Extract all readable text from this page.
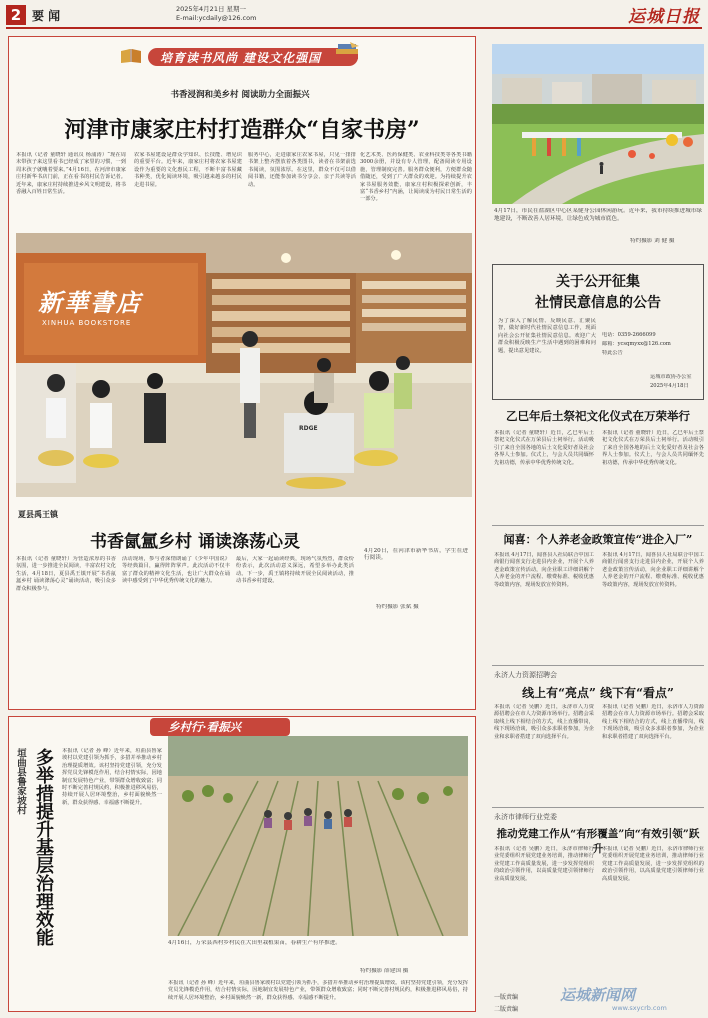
2 要 闻	2025年4月21日 星期一
E-mail:ycdaily@126.com	运城日报
培育读书风尚 建设文化强国
书香浸润和美乡村 阅读助力全面振兴
河津市康家庄村打造群众“自家书房”
本报讯（记者 童晓轩 通讯员 杨浦涛）“现在周末带孩子来这里看书已经成了家里的习惯，一到周末孩子就嚷着要来。”4月16日，在河津市康家庄村新华书店门前，正在看书的村民告诉记者。近年来，康家庄村持续推进乡风文明建设，将书香融入百姓日常生活。
农家书屋建设是群众学知识、长技能、增见识的重要平台。近年来，康家庄村将农家书屋建设作为重要的文化惠民工程，不断丰富书屋藏书种类，优化阅读环境，吸引越来越多的村民走进书屋。
服务中心，走进康家庄农家书屋，只见一排排书架上整齐摆放着各类图书，读者在书架前选书阅读，氛围浓厚。在这里，群众不仅可以借阅书籍，还能参加读书分享会、亲子共读等活动。
化艺术类、医药保健类、农业科技类等各类书籍3000余册，并设有专人管理，配备阅读专用设施，管理制度完善。服务群众便利，方便群众随借随还，受到了广大群众的欢迎。为持续提升农家书屋服务效能，康家庄村积极探索创新，丰富“书香乡村”内涵，让阅读成为村民日常生活的一部分。
新華書店
XINHUA BOOKSTORE
RDGE
夏县禹王镇
书香氤氲乡村 诵读涤荡心灵
本报讯（记者 童晓轩）为营造浓厚的书香氛围，进一步推进全民阅读，丰富农村文化生活，4月18日，夏县禹王镇开展“书香氤氲乡村 诵读涤荡心灵”诵读活动，吸引众多群众积极参与。
活动现场，参与者深情朗诵了《少年中国说》等经典篇目，赢得阵阵掌声。此次活动不仅丰富了群众的精神文化生活，也让广大群众在诵读中感受到了中华优秀传统文化的魅力。
最后，大家一起诵读经典，现场气氛热烈，群众纷纷表示，此次活动意义深远，希望多举办此类活动。下一步，禹王镇将持续开展全民阅读活动，推动书香乡村建设。
4月20日，在河津市新华书店，学生在进行阅读。
特约摄影 张斌 摄
4月17日，市民在盐湖区中心区某健身公园休闲游玩。近年来，我市持续推进城市绿地建设，不断改善人居环境，让绿色成为城市底色。
特约摄影 刘 健 摄
关于公开征集
社情民意信息的公告
为了深入了解民情、反映民意、汇聚民智，做好新时代社情民意信息工作，现面向社会公开征集社情民意信息。欢迎广大群众积极反映生产生活中遇到的困难和问题，提出意见建议。
电话：0359-2666099
邮箱：ycsqmyxx@126.com
特此公告
运城市政协办公室
2025年4月18日
乙巳年后土祭祀文化仪式在万荣举行
本报讯（记者 童晓轩）近日，乙巳年后土祭祀文化仪式在万荣县后土祠举行。活动吸引了来自全国各地的后土文化爱好者及社会各界人士参加。仪式上，与会人员共同缅怀先祖功德，传承中华优秀传统文化。
本报讯（记者 童晓轩）近日，乙巳年后土祭祀文化仪式在万荣县后土祠举行。活动吸引了来自全国各地的后土文化爱好者及社会各界人士参加。仪式上，与会人员共同缅怀先祖功德，传承中华优秀传统文化。
闻喜：个人养老金政策宣传“进企入厂”
本报讯 4月17日，闻喜县人社局联合中国工商银行闻喜支行走进县内企业，开展个人养老金政策宣传活动，向企业职工详细讲解个人养老金的开户流程、缴费标准、税收优惠等政策内容，现场发放宣传资料。
本报讯 4月17日，闻喜县人社局联合中国工商银行闻喜支行走进县内企业，开展个人养老金政策宣传活动，向企业职工详细讲解个人养老金的开户流程、缴费标准、税收优惠等政策内容，现场发放宣传资料。
永济人力资源招聘会
线上有“亮点” 线下有“看点”
本报讯（记者 吴鹏）近日，永济市人力资源招聘会在市人力资源市场举行。招聘会采取线上线下相结合的方式，线上直播带岗，线下现场洽谈，吸引众多求职者参加，为企业和求职者搭建了双向选择平台。
本报讯（记者 吴鹏）近日，永济市人力资源招聘会在市人力资源市场举行。招聘会采取线上线下相结合的方式，线上直播带岗，线下现场洽谈，吸引众多求职者参加，为企业和求职者搭建了双向选择平台。
永济市律师行业党委
推动党建工作从“有形覆盖”向“有效引领”跃升
本报讯（记者 吴鹏）近日，永济市律师行业党委组织开展党建业务培训，推动律师行业党建工作高质量发展，进一步发挥党组织的政治引领作用，以高质量党建引领律师行业高质量发展。
本报讯（记者 吴鹏）近日，永济市律师行业党委组织开展党建业务培训，推动律师行业党建工作高质量发展，进一步发挥党组织的政治引领作用，以高质量党建引领律师行业高质量发展。
乡村行·看振兴
垣曲县鲁家坡村 多举措提升基层治理效能 本报讯（记者 孙 峰）近年来，垣曲县鲁家坡村以党建引领为抓手，多措并举推动乡村治理提质增效。该村坚持党建引领，充分发挥党员先锋模范作用，结合村情实际，因地制宜发展特色产业，带领群众增收致富；同时不断完善村规民约，积极推进移风易俗，持续开展人居环境整治，乡村面貌焕然一新，群众获得感、幸福感不断提升。
4月16日，万荣县西村乡村民在大田里栽植果苗，春耕生产有序推进。
特约摄影 薛建国 摄
本报讯（记者 孙 峰）近年来，垣曲县鲁家坡村以党建引领为抓手，多措并举推动乡村治理提质增效。该村坚持党建引领，充分发挥党员先锋模范作用，结合村情实际，因地制宜发展特色产业，带领群众增收致富；同时不断完善村规民约，积极推进移风易俗，持续开展人居环境整治，乡村面貌焕然一新，群众获得感、幸福感不断提升。	一版责编
二版责编
运城新闻网
www.sxycrb.com
